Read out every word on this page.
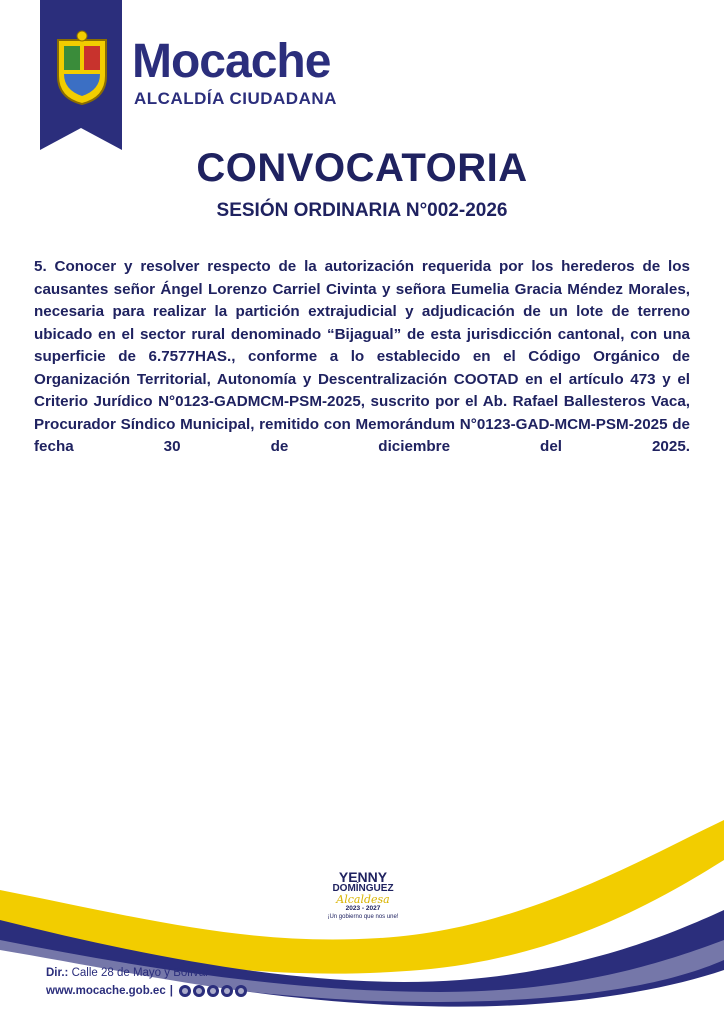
Mocache
ALCALDÍA CIUDADANA
CONVOCATORIA
SESIÓN ORDINARIA N°002-2026
5. Conocer y resolver respecto de la autorización requerida por los herederos de los causantes señor Ángel Lorenzo Carriel Civinta y señora Eumelia Gracia Méndez Morales, necesaria para realizar la partición extrajudicial y adjudicación de un lote de terreno ubicado en el sector rural denominado “Bijagual” de esta jurisdicción cantonal, con una superficie de 6.7577HAS., conforme a lo establecido en el Código Orgánico de Organización Territorial, Autonomía y Descentralización COOTAD en el artículo 473 y el Criterio Jurídico N°0123-GADMCM-PSM-2025, suscrito por el Ab. Rafael Ballesteros Vaca, Procurador Síndico Municipal, remitido con Memorándum N°0123-GAD-MCM-PSM-2025 de fecha 30 de diciembre del 2025.
YENNY
DOMÍNGUEZ
Alcaldesa
2023 - 2027
¡Un gobierno que nos une!
Dir.: Calle 28 de Mayo y Bolívar
www.mocache.gob.ec |
